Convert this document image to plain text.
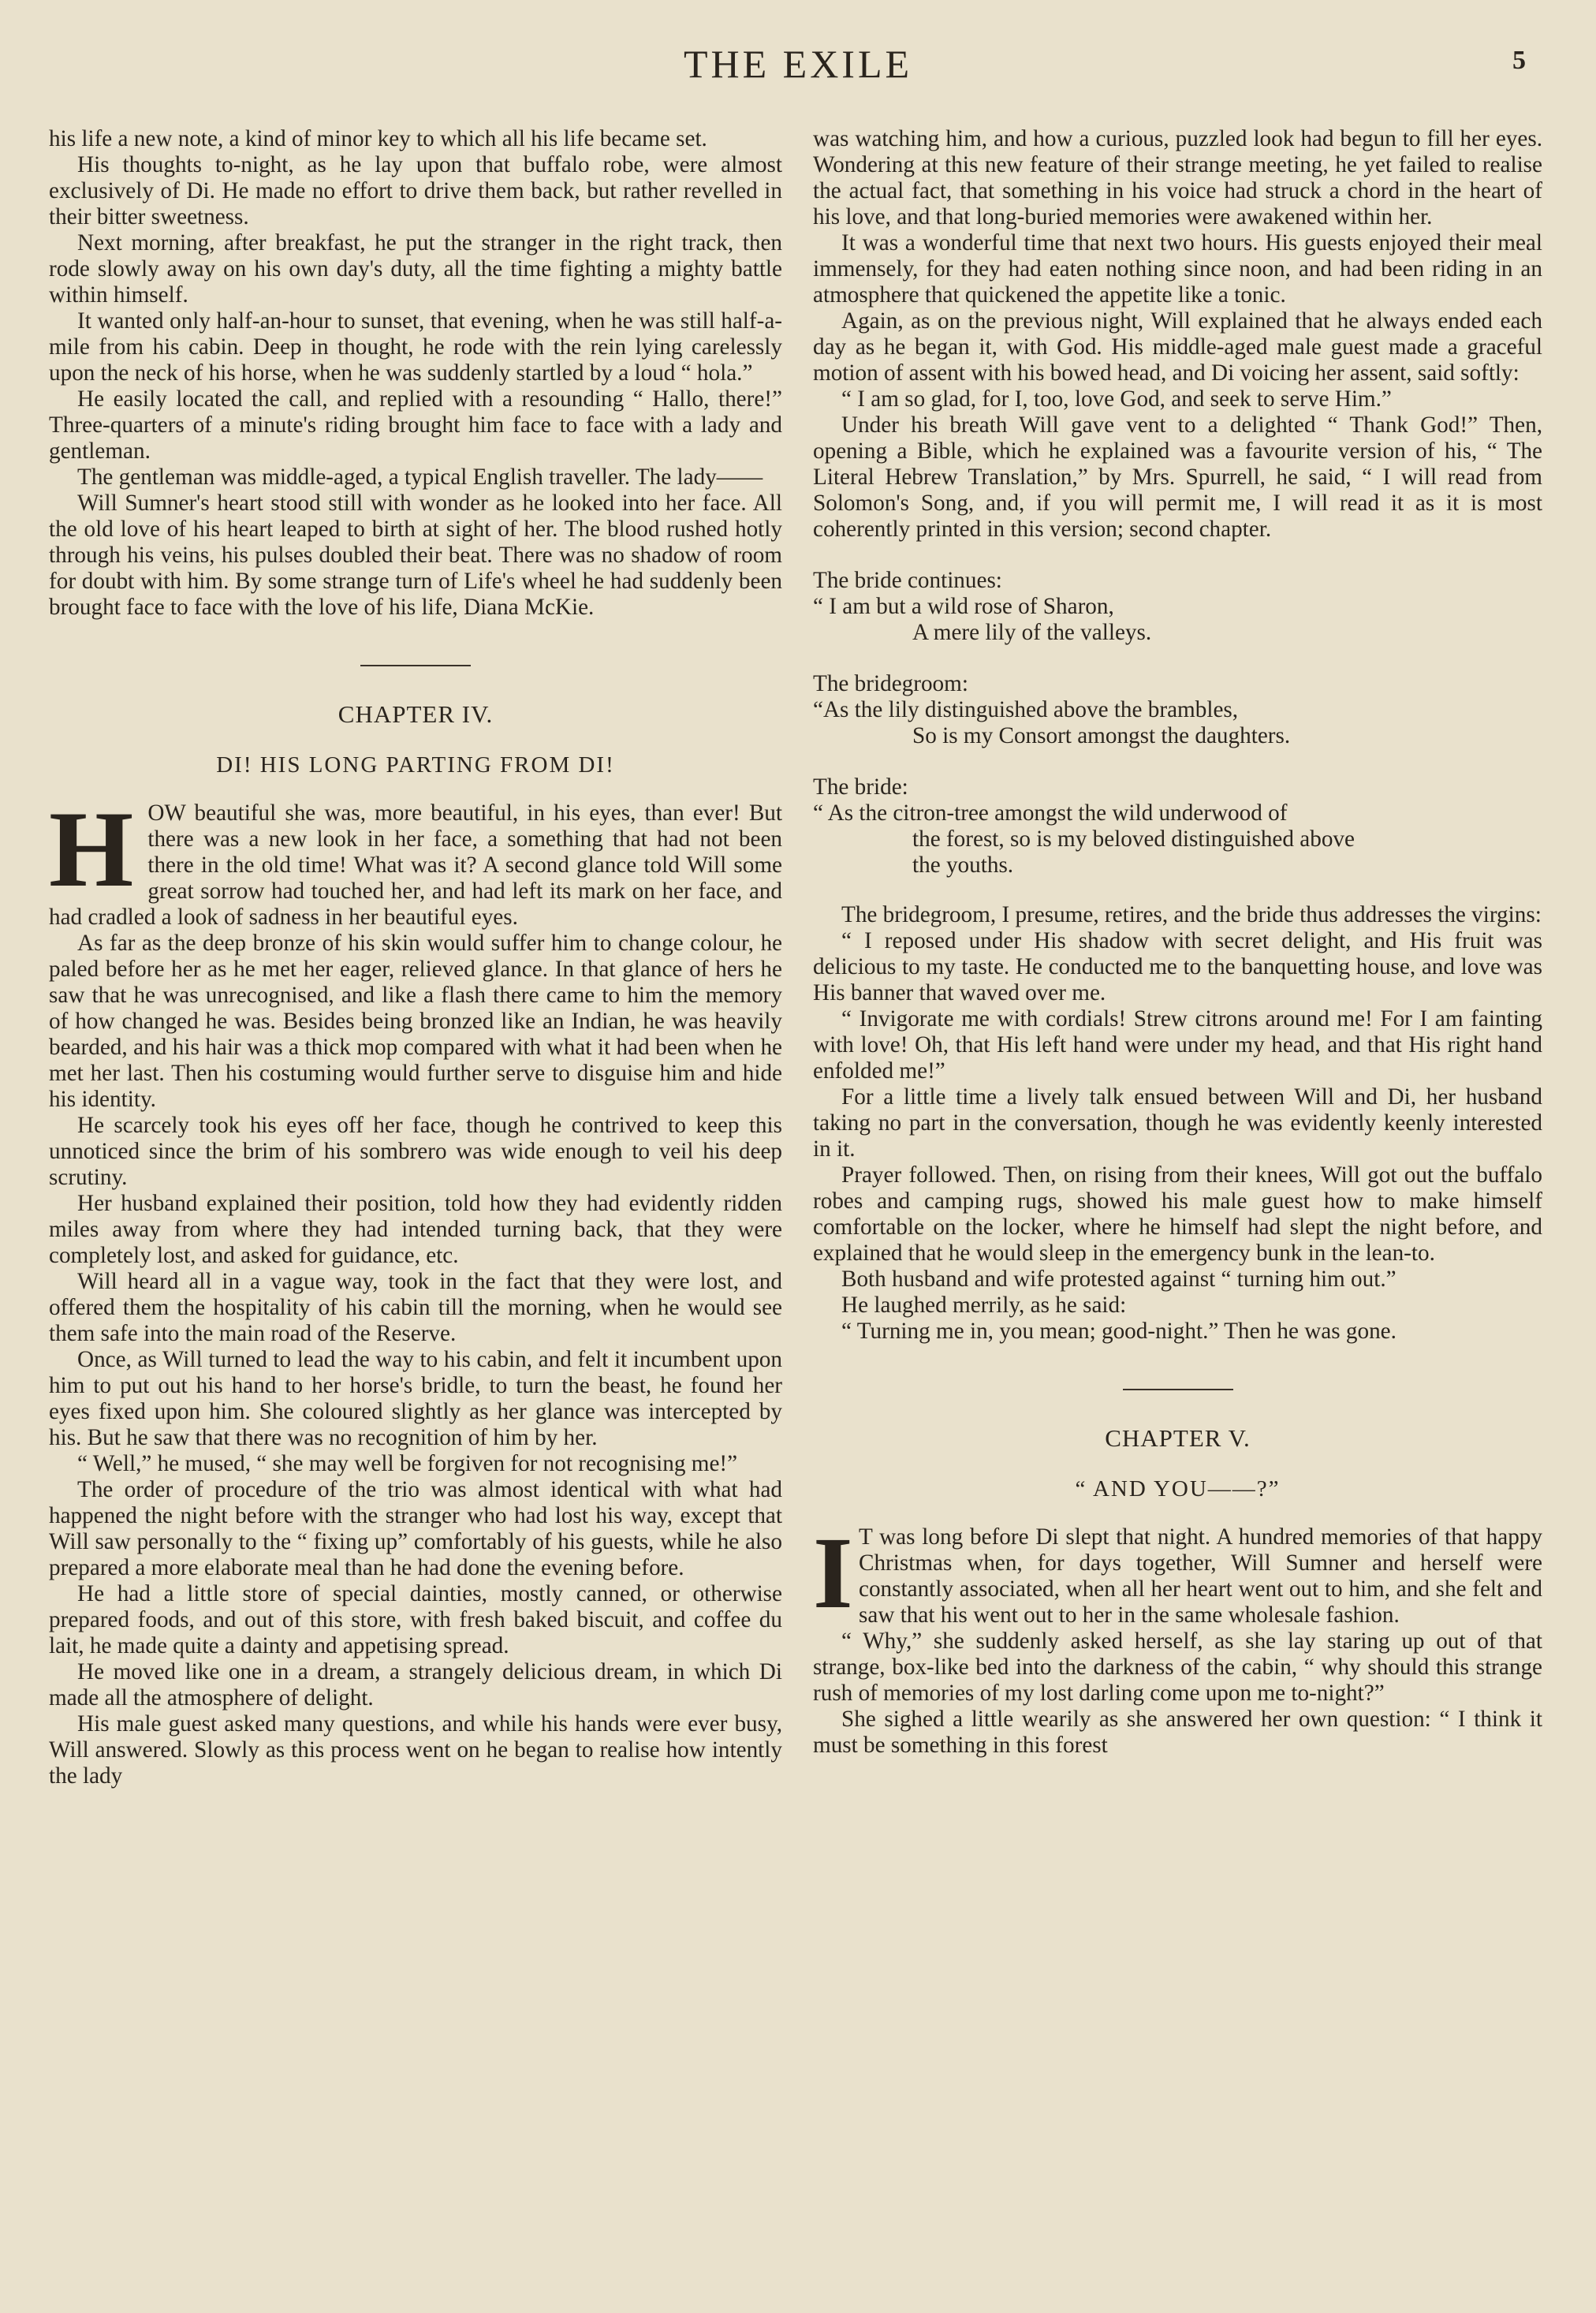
THE EXILE	5

his life a new note, a kind of minor key to which all his life became set.

His thoughts to-night, as he lay upon that buffalo robe, were almost exclusively of Di. He made no effort to drive them back, but rather revelled in their bitter sweetness.

Next morning, after breakfast, he put the stranger in the right track, then rode slowly away on his own day's duty, all the time fighting a mighty battle within himself.

It wanted only half-an-hour to sunset, that evening, when he was still half-a-mile from his cabin. Deep in thought, he rode with the rein lying carelessly upon the neck of his horse, when he was suddenly startled by a loud “ hola.”

He easily located the call, and replied with a resounding “ Hallo, there!” Three-quarters of a minute's riding brought him face to face with a lady and gentleman.

The gentleman was middle-aged, a typical English traveller. The lady——

Will Sumner's heart stood still with wonder as he looked into her face. All the old love of his heart leaped to birth at sight of her. The blood rushed hotly through his veins, his pulses doubled their beat. There was no shadow of room for doubt with him. By some strange turn of Life's wheel he had suddenly been brought face to face with the love of his life, Diana McKie.

CHAPTER IV.
DI! HIS LONG PARTING FROM DI!

HOW beautiful she was, more beautiful, in his eyes, than ever! But there was a new look in her face, a something that had not been there in the old time! What was it? A second glance told Will some great sorrow had touched her, and had left its mark on her face, and had cradled a look of sadness in her beautiful eyes.

As far as the deep bronze of his skin would suffer him to change colour, he paled before her as he met her eager, relieved glance. In that glance of hers he saw that he was unrecognised, and like a flash there came to him the memory of how changed he was. Besides being bronzed like an Indian, he was heavily bearded, and his hair was a thick mop compared with what it had been when he met her last. Then his costuming would further serve to disguise him and hide his identity.

He scarcely took his eyes off her face, though he contrived to keep this unnoticed since the brim of his sombrero was wide enough to veil his deep scrutiny.

Her husband explained their position, told how they had evidently ridden miles away from where they had intended turning back, that they were completely lost, and asked for guidance, etc.

Will heard all in a vague way, took in the fact that they were lost, and offered them the hospitality of his cabin till the morning, when he would see them safe into the main road of the Reserve.

Once, as Will turned to lead the way to his cabin, and felt it incumbent upon him to put out his hand to her horse's bridle, to turn the beast, he found her eyes fixed upon him. She coloured slightly as her glance was intercepted by his. But he saw that there was no recognition of him by her.

“ Well,” he mused, “ she may well be forgiven for not recognising me!”

The order of procedure of the trio was almost identical with what had happened the night before with the stranger who had lost his way, except that Will saw personally to the “ fixing up” comfortably of his guests, while he also prepared a more elaborate meal than he had done the evening before.

He had a little store of special dainties, mostly canned, or otherwise prepared foods, and out of this store, with fresh baked biscuit, and coffee du lait, he made quite a dainty and appetising spread.

He moved like one in a dream, a strangely delicious dream, in which Di made all the atmosphere of delight.

His male guest asked many questions, and while his hands were ever busy, Will answered. Slowly as this process went on he began to realise how intently the lady

was watching him, and how a curious, puzzled look had begun to fill her eyes. Wondering at this new feature of their strange meeting, he yet failed to realise the actual fact, that something in his voice had struck a chord in the heart of his love, and that long-buried memories were awakened within her.

It was a wonderful time that next two hours. His guests enjoyed their meal immensely, for they had eaten nothing since noon, and had been riding in an atmosphere that quickened the appetite like a tonic.

Again, as on the previous night, Will explained that he always ended each day as he began it, with God. His middle-aged male guest made a graceful motion of assent with his bowed head, and Di voicing her assent, said softly:

“ I am so glad, for I, too, love God, and seek to serve Him.”

Under his breath Will gave vent to a delighted “ Thank God!” Then, opening a Bible, which he explained was a favourite version of his, “ The Literal Hebrew Translation,” by Mrs. Spurrell, he said, “ I will read from Solomon's Song, and, if you will permit me, I will read it as it is most coherently printed in this version; second chapter.

The bride continues:

“ I am but a wild rose of Sharon,

A mere lily of the valleys.

The bridegroom:

“As the lily distinguished above the brambles,

So is my Consort amongst the daughters.

The bride:

“ As the citron-tree amongst the wild underwood of

the forest, so is my beloved distinguished above

the youths.

The bridegroom, I presume, retires, and the bride thus addresses the virgins:

“ I reposed under His shadow with secret delight, and His fruit was delicious to my taste. He conducted me to the banquetting house, and love was His banner that waved over me.

“ Invigorate me with cordials! Strew citrons around me! For I am fainting with love! Oh, that His left hand were under my head, and that His right hand enfolded me!”

For a little time a lively talk ensued between Will and Di, her husband taking no part in the conversation, though he was evidently keenly interested in it.

Prayer followed. Then, on rising from their knees, Will got out the buffalo robes and camping rugs, showed his male guest how to make himself comfortable on the locker, where he himself had slept the night before, and explained that he would sleep in the emergency bunk in the lean-to.

Both husband and wife protested against “ turning him out.”

He laughed merrily, as he said:

“ Turning me in, you mean; good-night.” Then he was gone.

CHAPTER V.
“ AND YOU——?”

I T was long before Di slept that night. A hundred memories of that happy Christmas when, for days together, Will Sumner and herself were constantly associated, when all her heart went out to him, and she felt and saw that his went out to her in the same wholesale fashion.

“ Why,” she suddenly asked herself, as she lay staring up out of that strange, box-like bed into the darkness of the cabin, “ why should this strange rush of memories of my lost darling come upon me to-night?”

She sighed a little wearily as she answered her own question: “ I think it must be something in this forest
